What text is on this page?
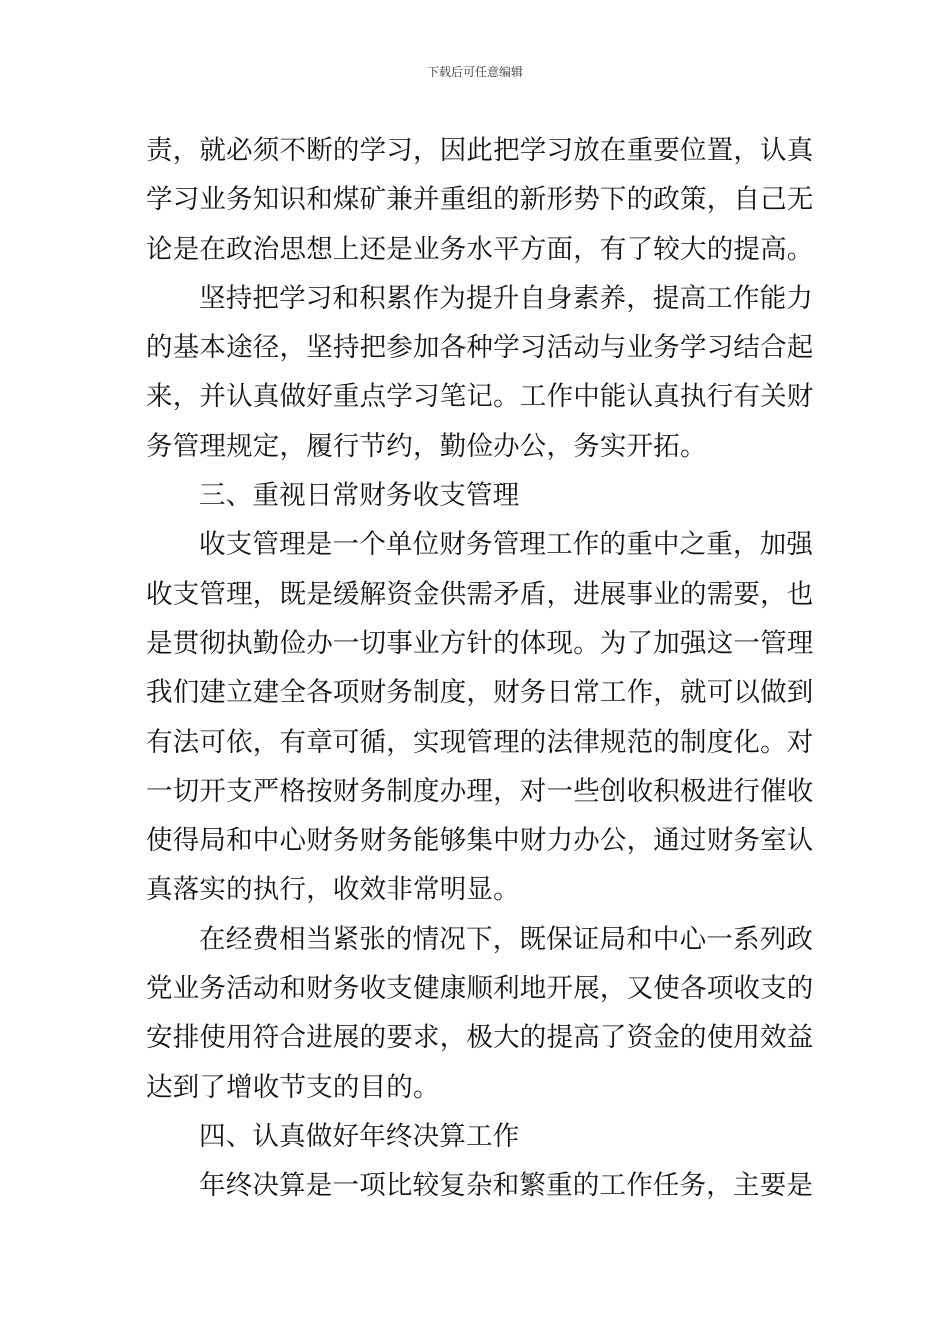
下载后可任意编辑
责，就必须不断的学习，因此把学习放在重要位置，认真
学习业务知识和煤矿兼并重组的新形势下的政策，自己无
论是在政治思想上还是业务水平方面，有了较大的提高。
坚持把学习和积累作为提升自身素养，提高工作能力
的基本途径，坚持把参加各种学习活动与业务学习结合起
来，并认真做好重点学习笔记。工作中能认真执行有关财
务管理规定，履行节约，勤俭办公，务实开拓。
三、重视日常财务收支管理
收支管理是一个单位财务管理工作的重中之重，加强
收支管理，既是缓解资金供需矛盾，进展事业的需要，也
是贯彻执勤俭办一切事业方针的体现。为了加强这一管理
我们建立建全各项财务制度，财务日常工作，就可以做到
有法可依，有章可循，实现管理的法律规范的制度化。对
一切开支严格按财务制度办理，对一些创收积极进行催收
使得局和中心财务财务能够集中财力办公，通过财务室认
真落实的执行，收效非常明显。
在经费相当紧张的情况下，既保证局和中心一系列政
党业务活动和财务收支健康顺利地开展，又使各项收支的
安排使用符合进展的要求，极大的提高了资金的使用效益
达到了增收节支的目的。
四、认真做好年终决算工作
年终决算是一项比较复杂和繁重的工作任务，主要是
